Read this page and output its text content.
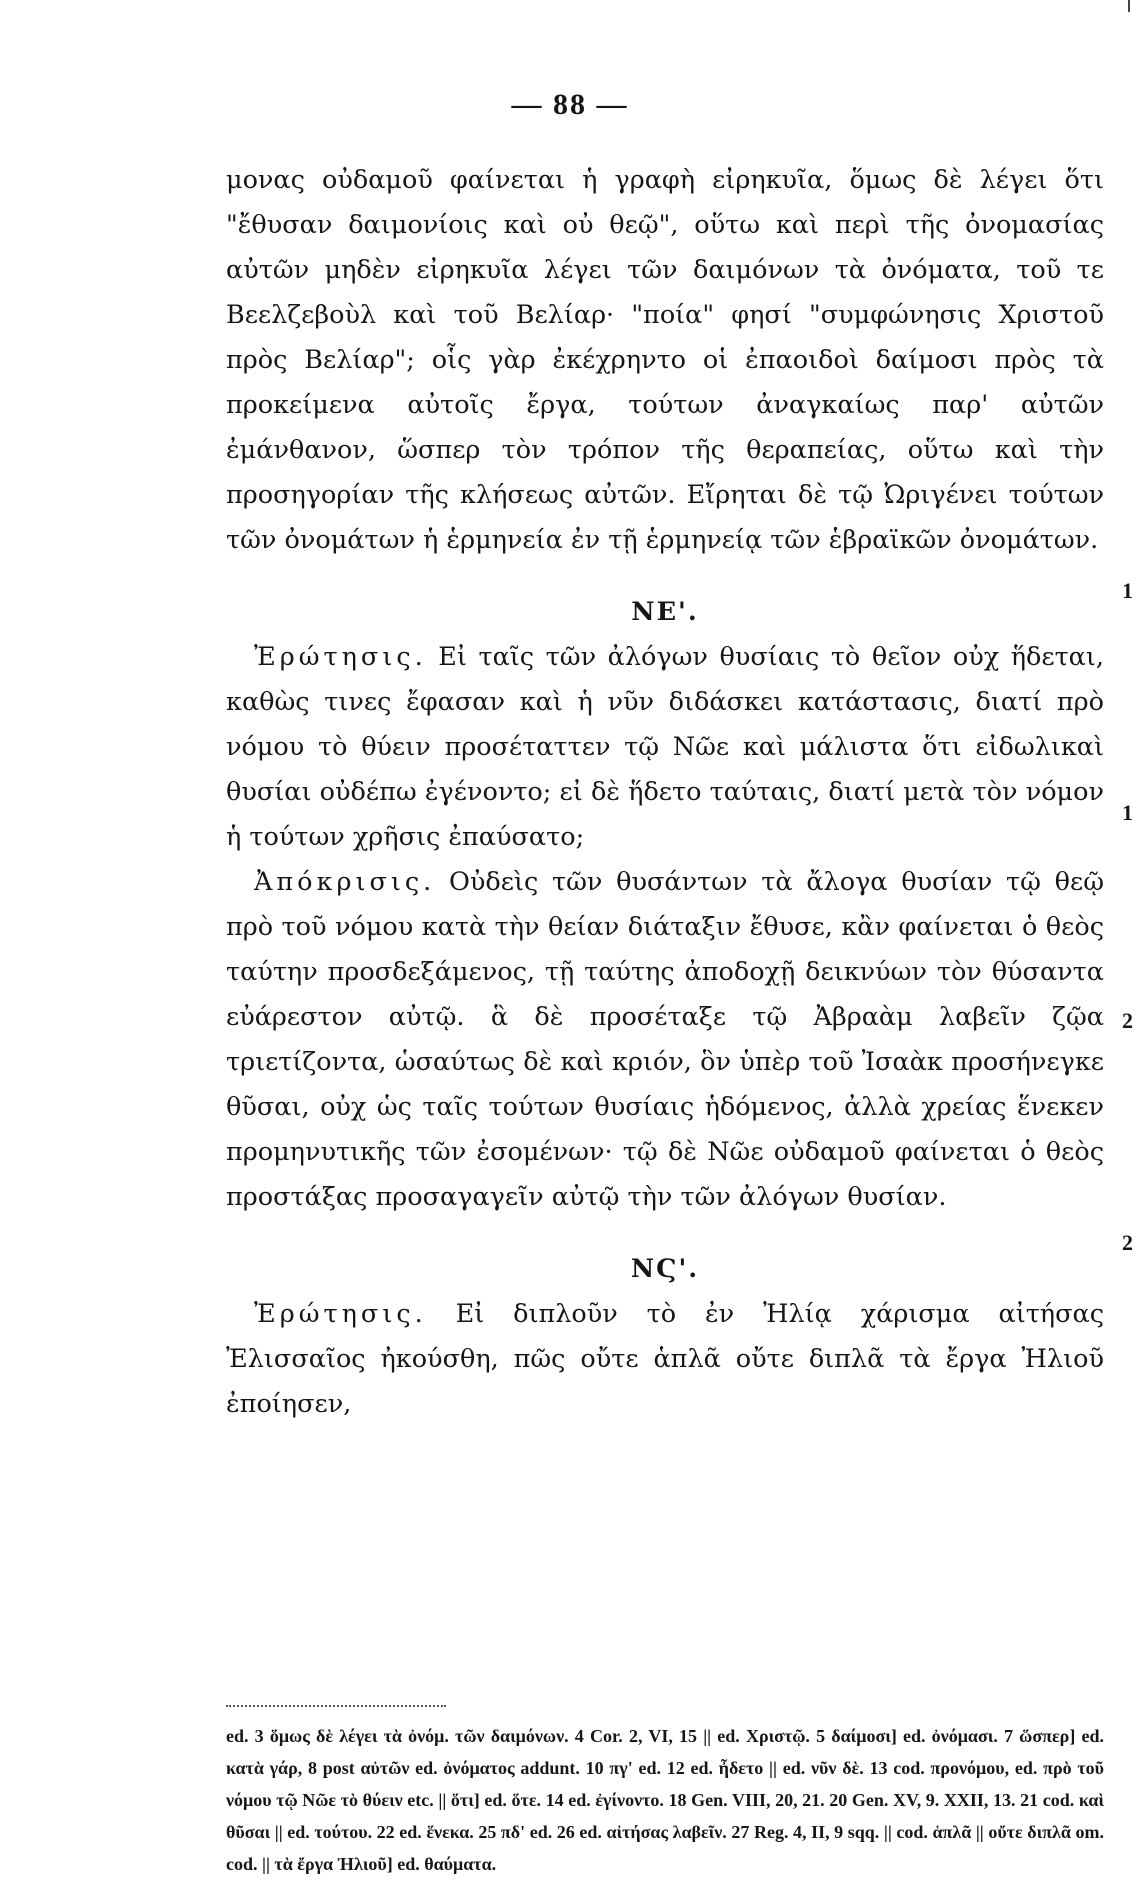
— 88 —

μονας οὐδαμοῦ φαίνεται ἡ γραφὴ εἰρηκυῖα, ὅμως δὲ λέγει ὅτι "ἔθυσαν δαιμονίοις καὶ οὐ θεῷ", οὕτω καὶ περὶ τῆς ὀνομασίας αὐτῶν μηδὲν εἰρηκυῖα λέγει τῶν δαιμόνων τὰ ὀνόματα, τοῦ τε Βεελζεβοὺλ καὶ τοῦ Βελίαρ· "ποία" φησί "συμφώνησις Χριστοῦ πρὸς Βελίαρ"; οἷς γὰρ ἐκέχρηντο οἱ ἐπαοιδοὶ δαίμοσι πρὸς τὰ προκείμενα αὐτοῖς ἔργα, τούτων ἀναγκαίως παρ' αὐτῶν ἐμάνθανον, ὥσπερ τὸν τρόπον τῆς θεραπείας, οὕτω καὶ τὴν προσηγορίαν τῆς κλήσεως αὐτῶν. Εἴρηται δὲ τῷ Ὠριγένει τούτων τῶν ὀνομάτων ἡ ἑρμηνεία ἐν τῇ ἑρμηνείᾳ τῶν ἑβραϊκῶν ὀνομάτων.

ΝΕ'.

Ἐρώτησις. Εἰ ταῖς τῶν ἀλόγων θυσίαις τὸ θεῖον οὐχ ἥδεται, καθὼς τινες ἔφασαν καὶ ἡ νῦν διδάσκει κατάστασις, διατί πρὸ νόμου τὸ θύειν προσέταττεν τῷ Νῶε καὶ μάλιστα ὅτι εἰδωλικαὶ θυσίαι οὐδέπω ἐγένοντο; εἰ δὲ ἥδετο ταύταις, διατί μετὰ τὸν νόμον ἡ τούτων χρῆσις ἐπαύσατο;

Ἀπόκρισις. Οὐδεὶς τῶν θυσάντων τὰ ἄλογα θυσίαν τῷ θεῷ πρὸ τοῦ νόμου κατὰ τὴν θείαν διάταξιν ἔθυσε, κἂν φαίνεται ὁ θεὸς ταύτην προσδεξάμενος, τῇ ταύτης ἀποδοχῇ δεικνύων τὸν θύσαντα εὐάρεστον αὐτῷ. ἃ δὲ προσέταξε τῷ Ἀβραὰμ λαβεῖν ζῷα τριετίζοντα, ὡσαύτως δὲ καὶ κριόν, ὃν ὑπὲρ τοῦ Ἰσαὰκ προσήνεγκε θῦσαι, οὐχ ὡς ταῖς τούτων θυσίαις ἡδόμενος, ἀλλὰ χρείας ἕνεκεν προμηνυτικῆς τῶν ἐσομένων· τῷ δὲ Νῶε οὐδαμοῦ φαίνεται ὁ θεὸς προστάξας προσαγαγεῖν αὐτῷ τὴν τῶν ἀλόγων θυσίαν.

ΝϚ'.

Ἐρώτησις. Εἰ διπλοῦν τὸ ἐν Ἠλίᾳ χάρισμα αἰτήσας Ἐλισσαῖος ἠκούσθη, πῶς οὔτε ἁπλᾶ οὔτε διπλᾶ τὰ ἔργα Ἠλιοῦ ἐποίησεν,

1
1
2
2

ed. 3 ὅμως δὲ λέγει τὰ ὀνόμ. τῶν δαιμόνων. 4 Cor. 2, VI, 15 || ed. Χριστῷ. 5 δαίμοσι] ed. ὀνόμασι. 7 ὥσπερ] ed. κατὰ γάρ, 8 post αὐτῶν ed. ὀνόματος addunt. 10 πγ' ed. 12 ed. ἦδετο || ed. νῦν δὲ. 13 cod. προνόμου, ed. πρὸ τοῦ νόμου τῷ Νῶε τὸ θύειν etc. || ὅτι] ed. ὅτε. 14 ed. ἐγίνοντο. 18 Gen. VIII, 20, 21. 20 Gen. XV, 9. XXII, 13. 21 cod. καὶ θῦσαι || ed. τούτου. 22 ed. ἕνεκα. 25 πδ' ed. 26 ed. αἰτήσας λαβεῖν. 27 Reg. 4, II, 9 sqq. || cod. ἁπλᾶ || οὔτε διπλᾶ om. cod. || τὰ ἔργα Ἠλιοῦ] ed. θαύματα.
